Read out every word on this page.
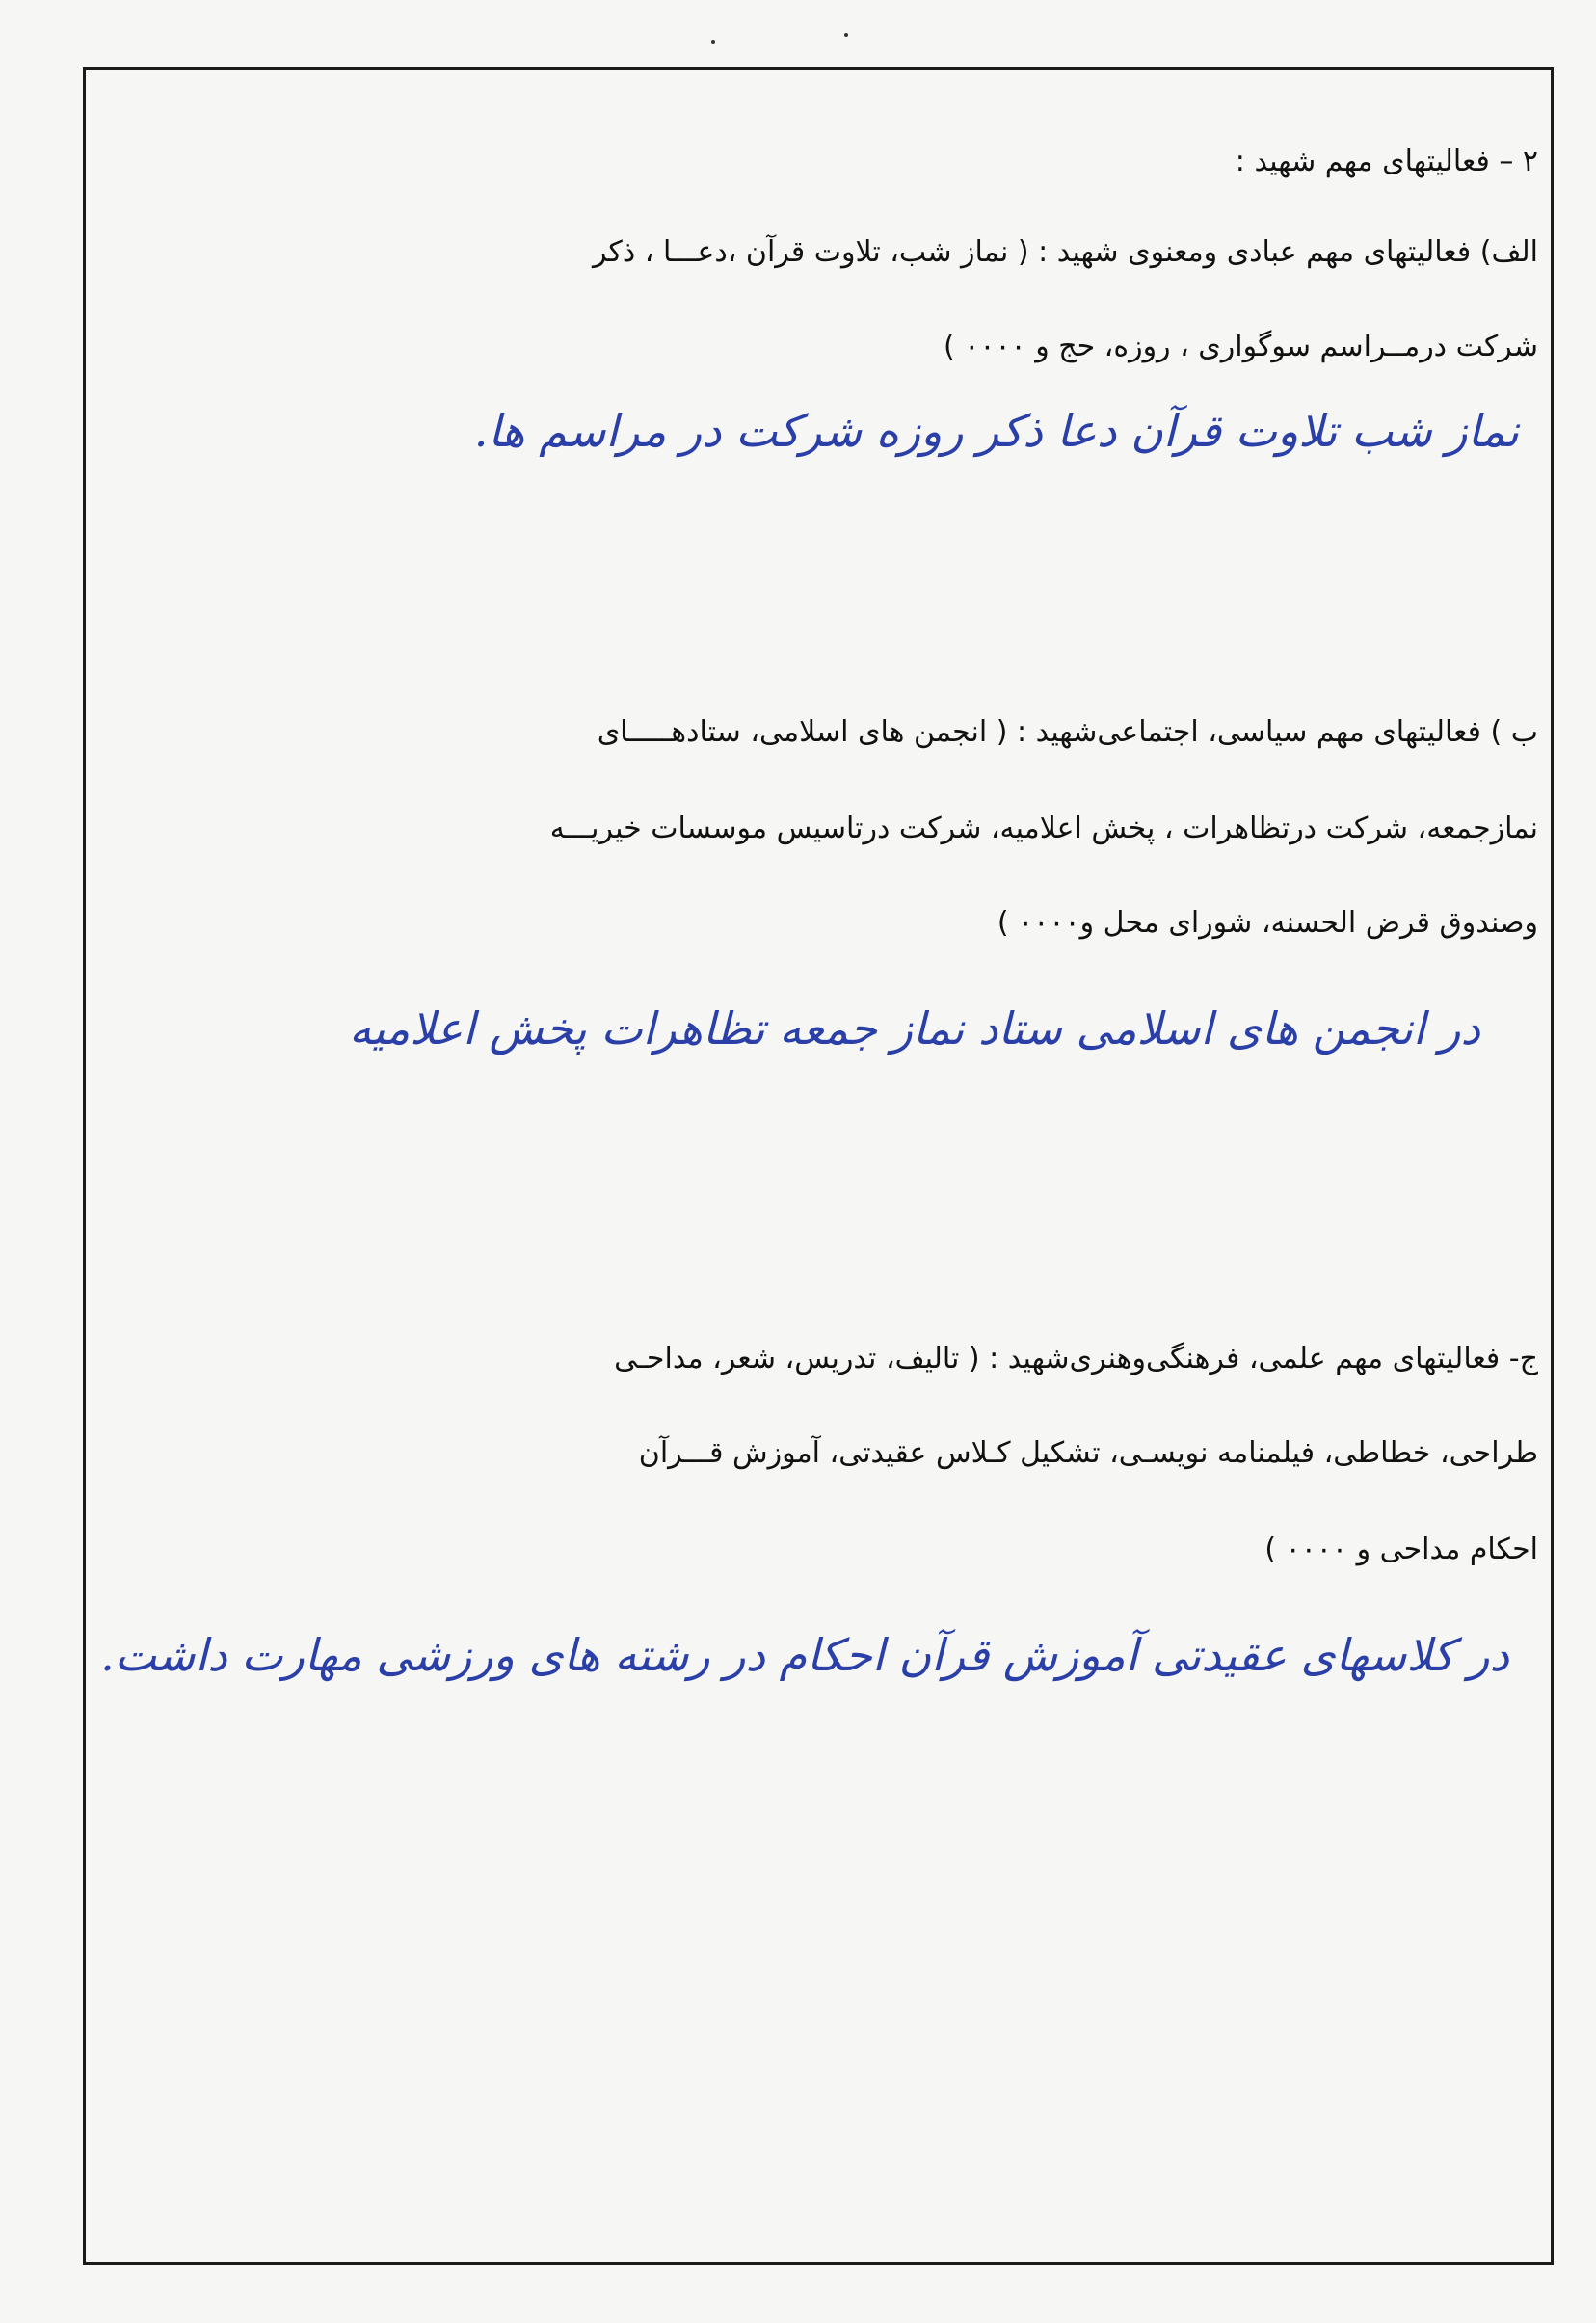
۲ – فعالیتهای مهم شهید :
الف) فعالیتهای مهم عبادی ومعنوی شهید : ( نماز شب، تلاوت قرآن ،دعـــا ، ذکر
شرکت درمــراسم سوگواری ، روزه، حج و ۰۰۰۰ )
نماز شب تلاوت قرآن دعا ذکر روزه شرکت در مراسم ها.
ب ) فعالیتهای مهم سیاسی، اجتماعی‌شهید : ( انجمن های اسلامی، ستادهـــــای
نمازجمعه، شرکت درتظاهرات ، پخش اعلامیه، شرکت درتاسیس موسسات خیریـــه
وصندوق قرض الحسنه، شورای محل و۰۰۰۰ )
در انجمن های اسلامی ستاد نماز جمعه تظاهرات پخش اعلامیه
ج- فعالیتهای مهم علمی، فرهنگی‌وهنری‌شهید : ( تالیف، تدریس، شعر، مداحـی
طراحی، خطاطی، فیلمنامه نویسـی، تشکیل کـلاس عقیدتی، آموزش قـــرآن
احکام مداحی و ۰۰۰۰ )
در کلاسهای عقیدتی آموزش قرآن احکام در رشته های ورزشی مهارت داشت.
